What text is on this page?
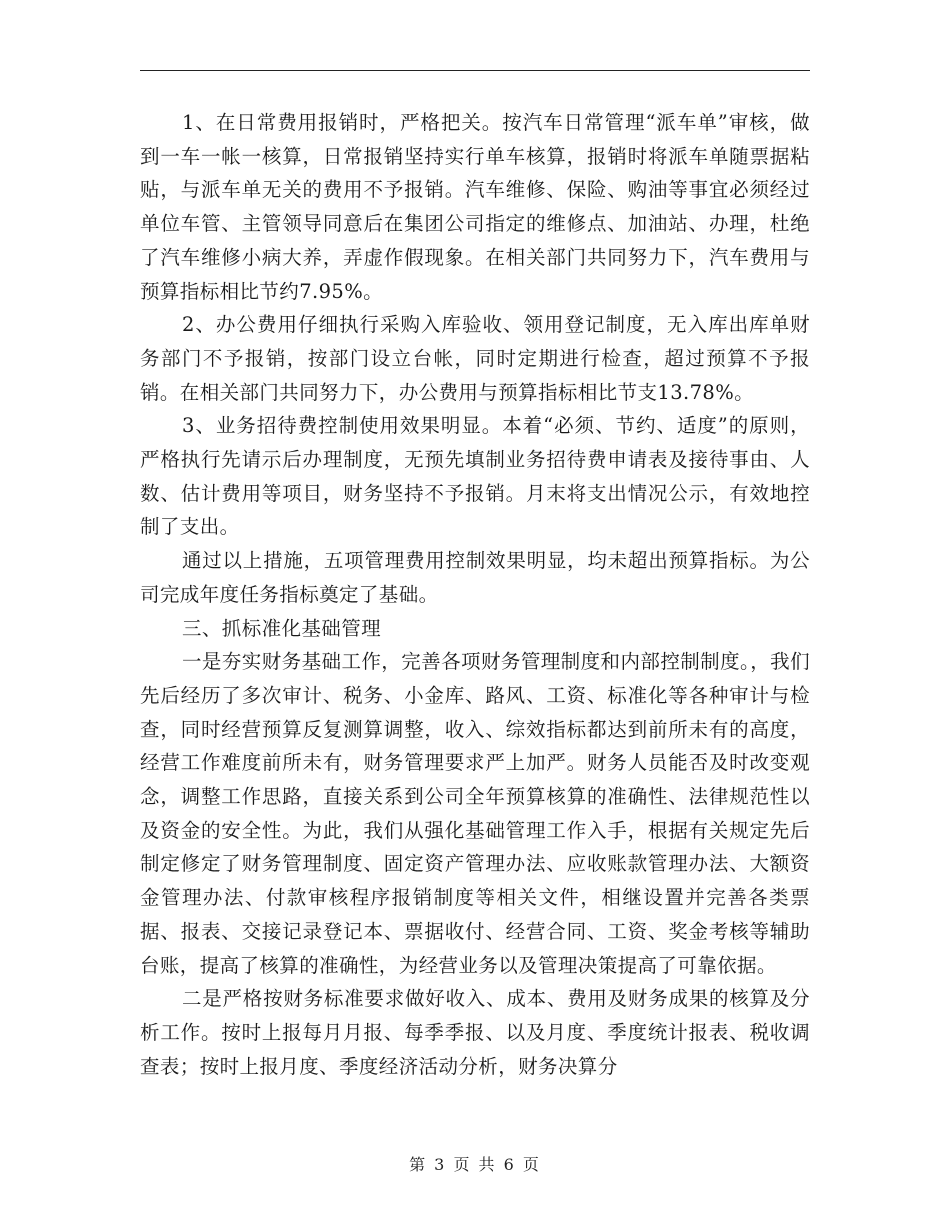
1、在日常费用报销时，严格把关。按汽车日常管理“派车单”审核，做到一车一帐一核算，日常报销坚持实行单车核算，报销时将派车单随票据粘贴，与派车单无关的费用不予报销。汽车维修、保险、购油等事宜必须经过单位车管、主管领导同意后在集团公司指定的维修点、加油站、办理，杜绝了汽车维修小病大养，弄虚作假现象。在相关部门共同努力下，汽车费用与预算指标相比节约7.95%。

2、办公费用仔细执行采购入库验收、领用登记制度，无入库出库单财务部门不予报销，按部门设立台帐，同时定期进行检查，超过预算不予报销。在相关部门共同努力下，办公费用与预算指标相比节支13.78%。

3、业务招待费控制使用效果明显。本着“必须、节约、适度”的原则，严格执行先请示后办理制度，无预先填制业务招待费申请表及接待事由、人数、估计费用等项目，财务坚持不予报销。月末将支出情况公示，有效地控制了支出。

通过以上措施，五项管理费用控制效果明显，均未超出预算指标。为公司完成年度任务指标奠定了基础。

三、抓标准化基础管理

一是夯实财务基础工作，完善各项财务管理制度和内部控制制度。，我们先后经历了多次审计、税务、小金库、路风、工资、标准化等各种审计与检查，同时经营预算反复测算调整，收入、综效指标都达到前所未有的高度，经营工作难度前所未有，财务管理要求严上加严。财务人员能否及时改变观念，调整工作思路，直接关系到公司全年预算核算的准确性、法律规范性以及资金的安全性。为此，我们从强化基础管理工作入手，根据有关规定先后制定修定了财务管理制度、固定资产管理办法、应收账款管理办法、大额资金管理办法、付款审核程序报销制度等相关文件，相继设置并完善各类票据、报表、交接记录登记本、票据收付、经营合同、工资、奖金考核等辅助台账，提高了核算的准确性，为经营业务以及管理决策提高了可靠依据。

二是严格按财务标准要求做好收入、成本、费用及财务成果的核算及分析工作。按时上报每月月报、每季季报、以及月度、季度统计报表、税收调查表；按时上报月度、季度经济活动分析，财务决算分

第 3 页 共 6 页
